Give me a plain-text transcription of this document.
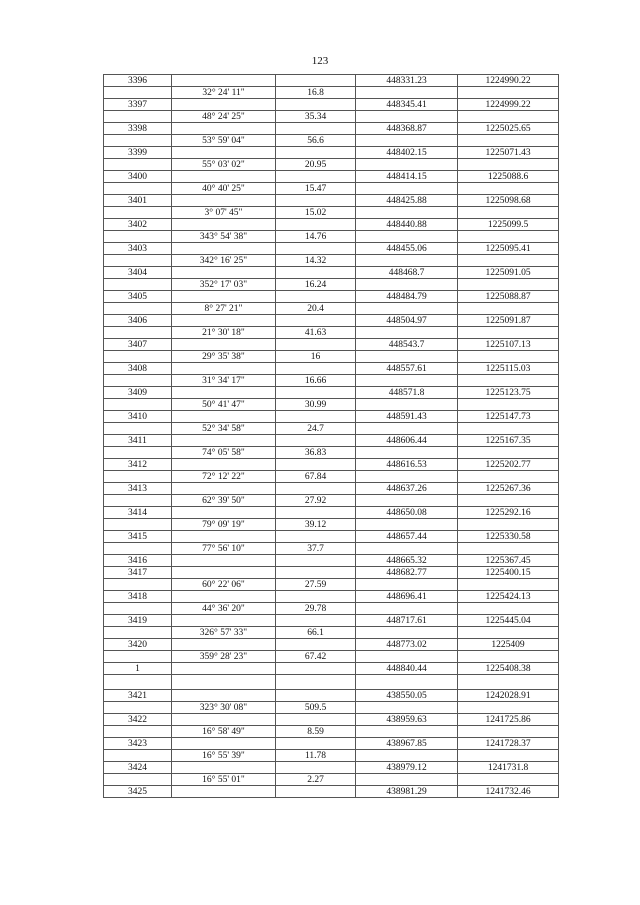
123
3396			448331.23	1224990.22
	32° 24' 11"	16.8		
3397			448345.41	1224999.22
	48° 24' 25"	35.34		
3398			448368.87	1225025.65
	53° 59' 04"	56.6		
3399			448402.15	1225071.43
	55° 03' 02"	20.95		
3400			448414.15	1225088.6
	40° 40' 25"	15.47		
3401			448425.88	1225098.68
	3° 07' 45"	15.02		
3402			448440.88	1225099.5
	343° 54' 38"	14.76		
3403			448455.06	1225095.41
	342° 16' 25"	14.32		
3404			448468.7	1225091.05
	352° 17' 03"	16.24		
3405			448484.79	1225088.87
	8° 27' 21"	20.4		
3406			448504.97	1225091.87
	21° 30' 18"	41.63		
3407			448543.7	1225107.13
	29° 35' 38"	16		
3408			448557.61	1225115.03
	31° 34' 17"	16.66		
3409			448571.8	1225123.75
	50° 41' 47"	30.99		
3410			448591.43	1225147.73
	52° 34' 58"	24.7		
3411			448606.44	1225167.35
	74° 05' 58"	36.83		
3412			448616.53	1225202.77
	72° 12' 22"	67.84		
3413			448637.26	1225267.36
	62° 39' 50"	27.92		
3414			448650.08	1225292.16
	79° 09' 19"	39.12		
3415			448657.44	1225330.58
	77° 56' 10"	37.7		
3416			448665.32	1225367.45
3417			448682.77	1225400.15
	60° 22' 06"	27.59		
3418			448696.41	1225424.13
	44° 36' 20"	29.78		
3419			448717.61	1225445.04
	326° 57' 33"	66.1		
3420			448773.02	1225409
	359° 28' 23"	67.42		
1			448840.44	1225408.38

3421			438550.05	1242028.91
	323° 30' 08"	509.5		
3422			438959.63	1241725.86
	16° 58' 49"	8.59		
3423			438967.85	1241728.37
	16° 55' 39"	11.78		
3424			438979.12	1241731.8
	16° 55' 01"	2.27		
3425			438981.29	1241732.46
